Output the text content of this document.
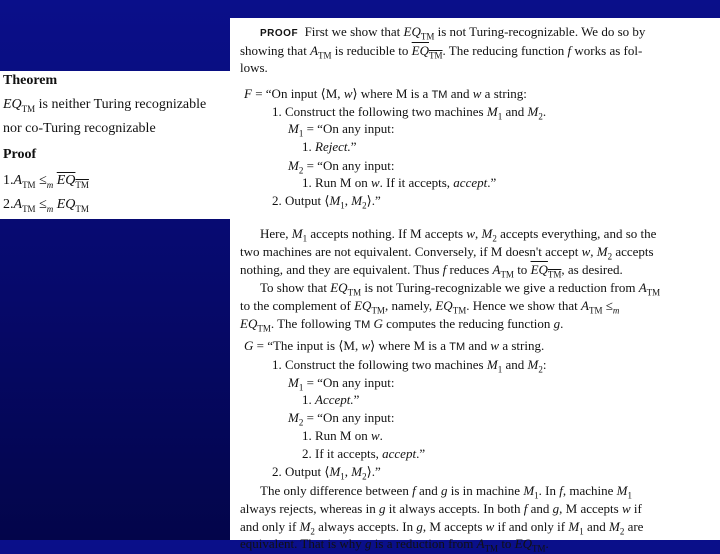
Theorem
$EQ_{TM}$ is neither Turing recognizable
nor co-Turing recognizable
Proof
$1.A_{TM} \le_m$ $\overline{EQ}_{\overline{TM}}$
$2.A_{TM} \le_m$ $EQ_{TM}$
PROOF  First we show that $EQ_{TM}$ is not Turing-recognizable. We do so by
showing that $A_{TM}$ is reducible to $\overline{EQ}_{\overline{TM}}$. The reducing function f works as fol-
lows.
F = “On input ⟨M, w⟩ where M is a TM and w a string:
1. Construct the following two machines $M_1$ and $M_2$.
$M_1$ = “On any input:
1. Reject.”
$M_2$ = “On any input:
1. Run M on w. If it accepts, accept.”
2. Output $⟨M_1$, $M_2⟩$.”
Here, $M_1$ accepts nothing. If M accepts w, $M_2$ accepts everything, and so the
two machines are not equivalent. Conversely, if M doesn't accept w, $M_2$ accepts
nothing, and they are equivalent. Thus f reduces $A_{TM}$ to $\overline{EQ}_{\overline{TM}}$, as desired.
To show that $EQ_{TM}$ is not Turing-recognizable we give a reduction from $A_{TM}$
to the complement of $EQ_{TM}$, namely, $EQ_{TM}$. Hence we show that $A_{TM} \le_m$
$EQ_{TM}$. The following TM G computes the reducing function g.
G = “The input is ⟨M, w⟩ where M is a TM and w a string.
1. Construct the following two machines $M_1$ and $M_2$:
$M_1$ = “On any input:
1. Accept.”
$M_2$ = “On any input:
1. Run M on w.
2. If it accepts, accept.”
2. Output $⟨M_1$, $M_2⟩$.”
The only difference between f and g is in machine $M_1$. In f, machine $M_1$
always rejects, whereas in g it always accepts. In both f and g, M accepts w if
and only if $M_2$ always accepts. In g, M accepts w if and only if $M_1$ and $M_2$ are
equivalent. That is why g is a reduction from $A_{TM}$ to $EQ_{TM}$.
